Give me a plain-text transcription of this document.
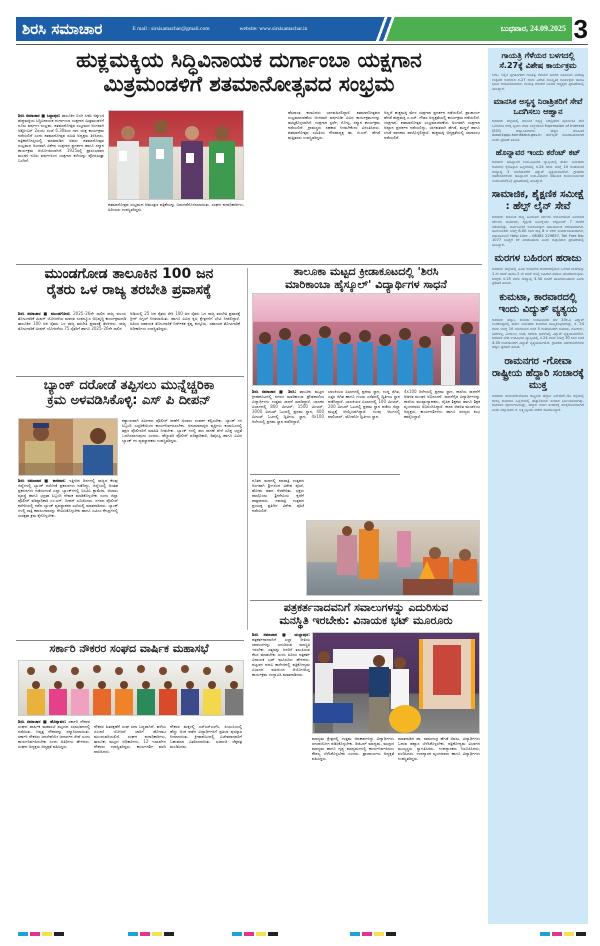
ಶಿರಸಿ ಸಮಾಚಾರ	E mail : sirsisamachar@gmail.com	website: www.sirsisamachar.in	ಬುಧವಾರ, 24.09.2025 3
ಹುಕ್ಲಮಕ್ಕಿಯ ಸಿದ್ಧಿವಿನಾಯಕ ದುರ್ಗಾಂಬಾ ಯಕ್ಷಗಾನ
ಮಿತ್ರಮಂಡಳಿಗೆ ಶತಮಾನೋತ್ಸವದ ಸಂಭ್ರಮ
ಶಿರಸಿ ಸಮಾಚಾರ ■ ಸಿದ್ದಾಪುರ: ತಾಲೂಕಿನ ಬಿಳಗಿ ಸೀಮೆ ಅಕ್ಕುಂಜಿ ಹುಕ್ಲಮಕ್ಕಿಯ ಸಿದ್ಧಿವಿನಾಯಕ ದುರ್ಗಾಂಬಾ ಯಕ್ಷಗಾನ ಮಿತ್ರಮಂಡಳಿಗೆ ನೂರು ವರ್ಷಗಳ ಸಂಭ್ರಮ. ಶತಮಾನೋತ್ಸವ ಸಂಭ್ರಮದ ಅಂಗವಾಗಿ ಅಕ್ಟೋಬರ್ 2ರಂದು ಸಂಜೆ 6.30ರಿಂದ ಗಾನ ಯಕ್ಷ ಕಾರ್ಯಕ್ರಮ ನಡೆಯಲಿದೆ ಎಂದು ಶತಮಾನೋತ್ಸವ ಸಮಿತಿ ಅಧ್ಯಕ್ಷರು ತಿಳಿಸಿದರು. ಪತ್ರಿಕಾಗೋಷ್ಠಿಯಲ್ಲಿ ಮಾತನಾಡಿದ ಅವರು ಶತಮಾನೋತ್ಸವ ಸಂಭ್ರಮದ ಅಂಗವಾಗಿ ವಿಶೇಷ ಯಕ್ಷಗಾನ ಪ್ರದರ್ಶನ ಹಾಗೂ ಸನ್ಮಾನ ಕಾರ್ಯಕ್ರಮ ಆಯೋಜಿಸಲಾಗಿದೆ. 1925ರಲ್ಲಿ ಪ್ರಾರಂಭವಾದ ಮಂಡಳಿ ನೂರು ವರ್ಷಗಳಿಂದ ಯಕ್ಷಗಾನ ಕಲೆಯನ್ನು ಪೋಷಿಸುತ್ತಾ ಬಂದಿದೆ.
ಶತಮಾನೋತ್ಸವ ಸಂಭ್ರಮದ ಆಮಂತ್ರಣ ಪತ್ರಿಕೆಯನ್ನು ಬಿಡುಗಡೆಗೊಳಿಸಲಾಯಿತು. ಸಂಘದ ಪದಾಧಿಕಾರಿಗಳು, ಹಿರಿಯರು ಉಪಸ್ಥಿತರಿದ್ದರು.
ಹೆಸರಾಂತ ಕಲಾವಿದರು ಭಾಗವಹಿಸಲಿದ್ದಾರೆ. ಶತಮಾನೋತ್ಸವದ ಸಂಭ್ರಮಾಚರಣೆಯ ಅಂಗವಾಗಿ ವರ್ಷವಿಡೀ ವಿವಿಧ ಕಾರ್ಯಕ್ರಮಗಳನ್ನು ಹಮ್ಮಿಕೊಳ್ಳಲಾಗಿದೆ. ಯಕ್ಷಗಾನ ಸ್ಪರ್ಧೆ, ಗೋಷ್ಠಿ, ಸನ್ಮಾನ ಕಾರ್ಯಕ್ರಮ ನಡೆಯಲಿದೆ. ಗ್ರಾಮಸ್ಥರು ಸಹಕಾರ ನೀಡಬೇಕೆಂದು ವಿನಂತಿಸಿದರು. ಶತಮಾನೋತ್ಸವ ಸಮಿತಿಯ ಗೌರವಾಧ್ಯಕ್ಷ ಡಾ. ಜಿ.ಎನ್. ಹೆಗಡೆ ಮತ್ತಿತರರು ಉಪಸ್ಥಿತರಿದ್ದರು.
ಅಲ್ಲದೆ ಹುಕ್ಲಮಕ್ಕಿ ಮೇಳ ಯಕ್ಷಗಾನ ಪ್ರದರ್ಶನ ನಡೆಯಲಿದೆ. ಪ್ರಾಚಾರ್ಯ ಹೆಗಡೆ ಹುಕ್ಲಮಕ್ಕಿ ಎ.ಎಸ್. ಗೌಡರ ಅಧ್ಯಕ್ಷತೆಯಲ್ಲಿ ಕಾರ್ಯಕ್ರಮ ನಡೆಯಲಿದೆ. ಯಕ್ಷಗಾನ: ಶತಮಾನೋತ್ಸವ ಸಂಭ್ರಮಾಚರಣೆಯ ಅಂಗವಾಗಿ ಯಕ್ಷಗಾನ ಆಖ್ಯಾನ ಪ್ರದರ್ಶನ ನಡೆಯಲಿದ್ದು, ಭಾಗವತರಾಗಿ ಹೆಗಡೆ, ಮದ್ದಳೆ ಹಾಗೂ ಚಂಡೆ ವಾದಕರು ಪಾಲ್ಗೊಳ್ಳಲಿದ್ದಾರೆ. ಹುಕ್ಲಮಕ್ಕಿ ಅಧ್ಯಕ್ಷತೆಯಲ್ಲಿ ಸಮಾರಂಭ ನಡೆಯಲಿದೆ.
ಮುಂಡಗೋಡ ತಾಲೂಕಿನ 100 ಜನ
ರೈತರು ಒಳ ರಾಜ್ಯ ತರಬೇತಿ ಪ್ರವಾಸಕ್ಕೆ
ಶಿರಸಿ ಸಮಾಚಾರ ■ ಮುಂಡಗೋಡ: 2025–26ನೇ ಸಾಲಿನ ರಾಜ್ಯ ವಲಯ ತೋಟಗಾರಿಕೆ ಮಿಷನ್ ಯೋಜನೆಯ ಮಾನವ ಸಂಪನ್ಮೂಲ ಅಭಿವೃದ್ಧಿ ಕಾರ್ಯಕ್ರಮದಡಿ ತಾಲೂಕಿನ 100 ಜನ ರೈತರು ಒಳ ರಾಜ್ಯ ತರಬೇತಿ ಪ್ರವಾಸಕ್ಕೆ ತೆರಳಿದರು. ರಾಜ್ಯ ತೋಟಗಾರಿಕೆ ಮಿಷನ್ ಯೋಜನೆಯ 75 ರೈತರಿಗೆ ಹಾಗೂ 2025–26ನೇ ಸಾಲಿನ
ಅಡಿಯಲ್ಲಿ 25 ಜನ ರೈತರು ಸೇರಿ 100 ಜನ ರೈತರು ಒಳ ರಾಜ್ಯ ತರಬೇತಿ ಪ್ರವಾಸಕ್ಕೆ ಗ್ರೀನ್ ಸಿಗ್ನಲ್ ನೀಡಲಾಯಿತು. ಹಾಗೂ ವಿವಿಧ ಕೃಷಿ ಕ್ಷೇತ್ರಗಳಿಗೆ ಭೇಟಿ ನೀಡಲಿದ್ದಾರೆ. ಹಿರಿಯ ಸಹಾಯಕ ತೋಟಗಾರಿಕೆ ನಿರ್ದೇಶಕ ಕೃಷ್ಣ ಕುಳ್ಳೂರು, ಸಹಾಯಕ ತೋಟಗಾರಿಕೆ ಅಧಿಕಾರಿಗಳು ಉಪಸ್ಥಿತರಿದ್ದರು.
ಬ್ಯಾಂಕ್ ದರೋಡೆ ತಪ್ಪಿಸಲು ಮುನ್ನೆಚ್ಚರಿಕಾ
ಕ್ರಮ ಅಳವಡಿಸಿಕೊಳ್ಳಿ: ಎಸ್ ಪಿ ದೀಪನ್
ಶಿರಸಿ ಸಮಾಚಾರ ■ ಕಾರವಾರ: ಇತ್ತೀಚಿನ ದಿನಗಳಲ್ಲಿ ರಾಜ್ಯದ ಕೆಲವು ಜಿಲ್ಲೆಗಳಲ್ಲಿ ಬ್ಯಾಂಕ್ ದರೋಡೆ ಪ್ರಕರಣಗಳು ನಡೆದಿದ್ದು, ಜಿಲ್ಲೆಯಲ್ಲಿ ಅಂತಹ ಪ್ರಕರಣಗಳು ನಡೆಯದಂತೆ ಎಲ್ಲಾ ಬ್ಯಾಂಕ್‌ಗಳಲ್ಲಿ ಸಿಸಿಟಿವಿ ಕ್ಯಾಮೆರಾ, ಅಲಾರಂ ವ್ಯವಸ್ಥೆ ಹಾಗೂ ಭದ್ರತಾ ಸಿಬ್ಬಂದಿ ನೇಮಕ ಮಾಡಿಕೊಳ್ಳಬೇಕು ಎಂದು ಜಿಲ್ಲಾ ಪೊಲೀಸ್ ವರಿಷ್ಠಾಧಿಕಾರಿ ಎಂ.ಎನ್. ದೀಪನ್ ಸೂಚಿಸಿದರು. ನಗರದ ಪೊಲೀಸ್ ಕಚೇರಿಯಲ್ಲಿ ನಡೆದ ಬ್ಯಾಂಕ್ ವ್ಯವಸ್ಥಾಪಕರ ಸಭೆಯಲ್ಲಿ ಮಾತನಾಡಿದರು. ಬ್ಯಾಂಕ್ ಗಳಲ್ಲಿ ರಾತ್ರಿ ಕಾವಲುಗಾರರನ್ನು ನೇಮಿಸಿಕೊಳ್ಳಬೇಕು ಹಾಗೂ ಎಟಿಎಂ ಕೇಂದ್ರಗಳಲ್ಲಿ ಸುರಕ್ಷತಾ ಕ್ರಮ ಕೈಗೊಳ್ಳಬೇಕು.
ಕಡ್ಡಾಯವಾಗಿ ಸಮೀಪದ ಪೊಲೀಸ್ ಠಾಣೆಗೆ ಅಲಾರಂ ಸಂಪರ್ಕ ಕಲ್ಪಿಸಬೇಕು. ಬ್ಯಾಂಕ್ ಗಳ ಸಿಬ್ಬಂದಿ ಎಚ್ಚರಿಕೆಯಿಂದ ಕಾರ್ಯನಿರ್ವಹಿಸಬೇಕು. ಅನುಮಾನಾಸ್ಪದ ವ್ಯಕ್ತಿಗಳು ಕಂಡುಬಂದಲ್ಲಿ ತಕ್ಷಣ ಪೊಲೀಸರಿಗೆ ಮಾಹಿತಿ ನೀಡಬೇಕು. ಬ್ಯಾಂಕ್ ಗಳಲ್ಲಿ ಹಣ ಸಾಗಣೆ ವೇಳೆ ಸೂಕ್ತ ಭದ್ರತೆ ಒದಗಿಸಲಾಗುವುದು ಎಂದರು. ಹೆಚ್ಚುವರಿ ಪೊಲೀಸ್ ವರಿಷ್ಠಾಧಿಕಾರಿ, ಡಿವೈಎಸ್ಪಿ ಹಾಗೂ ವಿವಿಧ ಬ್ಯಾಂಕ್ ಗಳ ವ್ಯವಸ್ಥಾಪಕರು ಉಪಸ್ಥಿತರಿದ್ದರು.
ತಾಲೂಕಾ ಮಟ್ಟದ ಕ್ರೀಡಾಕೂಟದಲ್ಲಿ 'ಶಿರಸಿ
ಮಾರಿಕಾಂಬಾ ಹೈಸ್ಕೂಲ್' ವಿದ್ಯಾರ್ಥಿಗಳ ಸಾಧನೆ
ಶಿರಸಿ ಸಮಾಚಾರ ■ ಶಿರಸಿ: ತಾಲೂಕು ಮಟ್ಟದ ಕ್ರೀಡಾಕೂಟದಲ್ಲಿ ನಗರದ ಮಾರಿಕಾಂಬಾ ಪ್ರೌಢಶಾಲೆಯ ವಿದ್ಯಾರ್ಥಿಗಳು ಉತ್ತಮ ಸಾಧನೆ ಮಾಡಿದ್ದಾರೆ. ಬಾಲಕರ ವಿಭಾಗದಲ್ಲಿ 800 ಮೀಟರ್, 1500 ಮೀಟರ್, 3000 ಮೀಟರ್ ಓಟದಲ್ಲಿ ಪ್ರಥಮ ಸ್ಥಾನ, 400 ಮೀಟರ್ ಓಟದಲ್ಲಿ ದ್ವಿತೀಯ ಸ್ಥಾನ, 4x100 ರಿಲೇಯಲ್ಲಿ ಪ್ರಥಮ ಸ್ಥಾನ ಪಡೆದಿದ್ದಾರೆ.
ಬಾಲಕಿಯರ ವಿಭಾಗದಲ್ಲಿ ಪ್ರಥಮ ಸ್ಥಾನ, ಉದ್ದ ಜಿಗಿತ, ಎತ್ತರ ಜಿಗಿತ ಹಾಗೂ ಗುಂಡು ಎಸೆತದಲ್ಲಿ ದ್ವಿತೀಯ ಸ್ಥಾನ ಪಡೆದಿದ್ದಾರೆ. ಬಾಲಕಿಯರ ವಿಭಾಗದಲ್ಲಿ 100 ಮೀಟರ್, 200 ಮೀಟರ್ ಓಟದಲ್ಲಿ ಪ್ರಥಮ ಸ್ಥಾನ ಪಡೆದು ಜಿಲ್ಲಾ ಮಟ್ಟಕ್ಕೆ ಆಯ್ಕೆಯಾಗಿದ್ದಾರೆ. ಗುಂಪು ಆಟಗಳಲ್ಲಿ ವಾಲಿಬಾಲ್, ಖೋಖೋ ದ್ವಿತೀಯ ಸ್ಥಾನ.
4x100 ರಿಲೇಯಲ್ಲಿ ಪ್ರಥಮ ಸ್ಥಾನ, ಶಾಲೆಯ ಸಾಧನೆಗೆ ಆಡಳಿತ ಮಂಡಳಿ ಅಭಿನಂದನೆ. ಸಾಧನೆಗೈದ ವಿದ್ಯಾರ್ಥಿಗಳನ್ನು ಶಾಲೆಯ ಮುಖ್ಯಾಧ್ಯಾಪಕರು, ದೈಹಿಕ ಶಿಕ್ಷಕರು ಹಾಗೂ ಶಿಕ್ಷಕ ವೃಂದದವರು ಅಭಿನಂದಿಸಿದ್ದಾರೆ. ಶಾಲಾ ಆಡಳಿತ ಮಂಡಳಿಯ ಅಧ್ಯಕ್ಷರು, ಕಾರ್ಯದರ್ಶಿಗಳು ಹಾಗೂ ಸದಸ್ಯರು ಶುಭ ಹಾರೈಸಿದ್ದಾರೆ.
ನೂತನ ಮಠದಲ್ಲಿ ನವರಾತ್ರಿ ಉತ್ಸವದ ಅಂಗವಾಗಿ ಶ್ರೀಗಳಿಂದ ವಿಶೇಷ ಪೂಜೆ, ಹೋಮ ಹವನ ನೆರವೇರಿತು. ಭಕ್ತರು ಪಾಲ್ಗೊಂಡು ಶ್ರೀದೇವಿಯ ಕೃಪೆಗೆ ಪಾತ್ರರಾದರು. ನವರಾತ್ರಿ ಉತ್ಸವದ ಪ್ರಯುಕ್ತ ಪ್ರತಿದಿನ ವಿಶೇಷ ಪೂಜೆ ನಡೆಯಲಿದೆ.
ಪತ್ರಕರ್ತನಾದವನಿಗೆ ಸವಾಲುಗಳನ್ನು ಎದುರಿಸುವ
ಮನಸ್ಥಿತಿ ಇರಬೇಕು: ವಿನಾಯಕ ಭಟ್ ಮೂರೂರು
ಶಿರಸಿ ಸಮಾಚಾರ ■ ಯಲ್ಲಾಪುರ: ಪತ್ರಕರ್ತನಾದವನಿಗೆ ಎಲ್ಲಾ ರೀತಿಯ ಸವಾಲುಗಳನ್ನು ಎದುರಿಸುವ ಮನಸ್ಥಿತಿ ಇರಬೇಕು. ಸತ್ಯವನ್ನು ಜನರಿಗೆ ತಲುಪಿಸುವ ಕೆಲಸ ಮಾಡಬೇಕು ಎಂದು ಹಿರಿಯ ಪತ್ರಕರ್ತ ವಿನಾಯಕ ಭಟ್ ಮೂರೂರು ಹೇಳಿದರು. ಪಟ್ಟಣದ ಪದವಿ ಕಾಲೇಜಿನಲ್ಲಿ ಪತ್ರಿಕೋದ್ಯಮ ವಿಭಾಗದ ವತಿಯಿಂದ ಆಯೋಜಿಸಿದ್ದ ಕಾರ್ಯಕ್ರಮ ಉದ್ಘಾಟಿಸಿ ಮಾತನಾಡಿದರು.
ಮಾಧ್ಯಮ ಕ್ಷೇತ್ರದಲ್ಲಿ ಉತ್ತಮ ಅವಕಾಶಗಳಿದ್ದು ವಿದ್ಯಾರ್ಥಿಗಳು ಸದುಪಯೋಗ ಪಡಿಸಿಕೊಳ್ಳಬೇಕು. ಡಿಜಿಟಲ್ ಮಾಧ್ಯಮ, ಮುದ್ರಣ ಮಾಧ್ಯಮ ಹಾಗೂ ದೃಶ್ಯ ಮಾಧ್ಯಮಗಳಲ್ಲಿ ಕಾರ್ಯನಿರ್ವಹಿಸಲು ಕೌಶಲ್ಯ ಬೆಳೆಸಿಕೊಳ್ಳಬೇಕು ಎಂದರು. ಪ್ರಾಚಾರ್ಯರು ಅಧ್ಯಕ್ಷತೆ ವಹಿಸಿದ್ದರು.
ಮಾತನಾಡಿದ ಡಾ. ರಾಮಚಂದ್ರ ಹೆಗಡೆ ಅವರು, ವಿದ್ಯಾರ್ಥಿಗಳು ಓದುವ ಹವ್ಯಾಸ ಬೆಳೆಸಿಕೊಳ್ಳಬೇಕು. ಪತ್ರಿಕೋದ್ಯಮ ವಿಭಾಗದ ಮುಖ್ಯಸ್ಥರು ಸ್ವಾಗತಿಸಿದರು. ಉಪನ್ಯಾಸಕರು ನಿರೂಪಿಸಿದರು, ವಂದಿಸಿದರು. ಉಪನ್ಯಾಸಕ ವೃಂದದವರು ಹಾಗೂ ವಿದ್ಯಾರ್ಥಿಗಳು ಉಪಸ್ಥಿತರಿದ್ದರು.
ಸರ್ಕಾರಿ ನೌಕರರ ಸಂಘದ ವಾರ್ಷಿಕ ಮಹಾಸಭೆ
ಶಿರಸಿ ಸಮಾಚಾರ ■ ಹೊನ್ನಾವರ: ಸರ್ಕಾರಿ ನೌಕರರ ಸಂಘದ ವಾರ್ಷಿಕ ಮಹಾಸಭೆ ಪಟ್ಟಣದ ಸಭಾಭವನದಲ್ಲಿ ನಡೆಯಿತು. ನಿವೃತ್ತ ನೌಕರರನ್ನು ಸನ್ಮಾನಿಸಲಾಯಿತು. ಸರ್ಕಾರಿ ನೌಕರರು ಜನಸೇವೆಯೇ ಜನಾರ್ದನ ಸೇವೆ ಎಂದು ಕಾರ್ಯನಿರ್ವಹಿಸಬೇಕು ಎಂದು ಅತಿಥಿಗಳು ಹೇಳಿದರು. ಸಂಘದ ಅಧ್ಯಕ್ಷರು ಅಧ್ಯಕ್ಷತೆ ವಹಿಸಿದ್ದರು.
ನೌಕರರ ಹಿತರಕ್ಷಣೆಗೆ ಸಂಘ ಸದಾ ಬದ್ಧವಾಗಿದೆ. ಹಳೆಯ ಪಿಂಚಣಿ ಯೋಜನೆ ಜಾರಿಗೆ ಹೋರಾಟ ಮುಂದುವರಿಯಲಿದೆ. ಸಂಘದ ಪದಾಧಿಕಾರಿಗಳು, ತಾಲೂಕು ಮಟ್ಟದ ಅಧಿಕಾರಿಗಳು, 12 ಇಲಾಖೆಗಳ ನೌಕರರು ಉಪಸ್ಥಿತರಿದ್ದರು. ಕಾರ್ಯದರ್ಶಿ ವರದಿ ವಾಚಿಸಿದರು.
ನೌಕರರ ಮಕ್ಕಳಲ್ಲಿ ಎಸ್‌ಎಸ್‌ಎಲ್‌ಸಿ, ಪಿಯುಸಿಯಲ್ಲಿ ಹೆಚ್ಚು ಅಂಕ ಪಡೆದ ವಿದ್ಯಾರ್ಥಿಗಳಿಗೆ ಪ್ರತಿಭಾ ಪುರಸ್ಕಾರ ನೀಡಲಾಯಿತು. ಕ್ರೀಡಾಕೂಟದಲ್ಲಿ ವಿಜೇತರಾದವರಿಗೆ ಬಹುಮಾನ ವಿತರಿಸಲಾಯಿತು. ಖಜಾಂಚಿ ಲೆಕ್ಕಪತ್ರ ಮಂಡಿಸಿದರು.
ಗಾಯತ್ರಿ ಗೆಳೆಯರ ಬಳಗದಲ್ಲಿ ಸೆ.27ಕ್ಕೆ ವಿಶೇಷ ಕಾರ್ಯಕ್ರಮ
ಶಿರಸಿ: ಇಲ್ಲಿನ ಪ್ರಗತಿನಗರದ ಗಾಯತ್ರಿ ಗೆಳೆಯರ ಬಳಗದ ವತಿಯಿಂದ ನವರಾತ್ರಿ ಉತ್ಸವದ ಅಂಗವಾಗಿ ಸೆ.27 ರಂದು ವಿಶೇಷ ಸಾಂಸ್ಕೃತಿಕ ಕಾರ್ಯಕ್ರಮ ಹಾಗೂ ಭಜನೆ ಆಯೋಜಿಸಲಾಗಿದೆ. ಗಾಯತ್ರಿ ಗೆಳೆಯರ ಬಳಗದ ಅಧ್ಯಕ್ಷರು ಪ್ರಕಟಣೆಯಲ್ಲಿ ತಿಳಿಸಿದ್ದಾರೆ.
ಮಾನಸಿಕ ಅಸ್ವಸ್ಥ ನಿರಾಶ್ರಿತರಿಗೆ ಸೇವೆ ಒದಗಿಸಲು ಆಹ್ವಾನ
ಕಾರವಾರ: ಜಿಲ್ಲೆಯಲ್ಲಿ ಮಾನಸಿಕ ಅಸ್ವಸ್ಥ ನಿರಾಶ್ರಿತರಿಗೆ ಪುನರ್ವಸತಿ ಸೇವೆ ಒದಗಿಸಲು ಆಸಕ್ತ ಸ್ವಯಂ ಸೇವಾ ಸಂಸ್ಥೆಗಳಿಂದ Expression of Interest (EOI) ಆಹ್ವಾನಿಸಲಾಗಿದೆ. ಹೆಚ್ಚಿನ ಮಾಹಿತಿಗೆ www.kppp.karnataka.gov.in ವೆಬ್‌ಸೈಟ್ ನೋಡಬಹುದಾಗಿದೆ ಎಂದು ಪ್ರಕಟಣೆ ತಿಳಿಸಿದೆ.
ಹೊನ್ನಾವರ ಇಂದು ಕರೆಂಟ್ ಕಟ್
ಕಾರವಾರ: ಹೊನ್ನಾವರ ಉಪ-ವಿಭಾಗದ ವ್ಯಾಪ್ತಿಯಲ್ಲಿ ತುರ್ತು ನಿರ್ವಹಣಾ ಕಾಮಗಾರಿ ಕೈಗೊಳ್ಳುವ ಹಿನ್ನೆಲೆಯಲ್ಲಿ ಸೆ.24 ರಂದು ಬೆಳಿಗ್ಗೆ 10 ಗಂಟೆಯಿಂದ ಮಧ್ಯಾಹ್ನ 3 ಗಂಟೆಯವರೆಗೆ ವಿದ್ಯುತ್ ವ್ಯತ್ಯಯವಾಗಲಿದೆ. ಗ್ರಾಹಕರು ಸಹಕರಿಸಬೇಕೆಂದು ಹೊನ್ನಾವರ ಉಪ-ವಿಭಾಗದ ಸಹಾಯಕ ಕಾರ್ಯನಿರ್ವಾಹಕ ಇಂಜಿನಿಯರ್(ವಿ) ಪ್ರಕಟಣೆಯಲ್ಲಿ ತಿಳಿಸಿದ್ದಾರೆ.
ಸಾಮಾಜಿಕ, ಶೈಕ್ಷಣಿಕ ಸಮೀಕ್ಷೆ : ಹೆಲ್ಪ್ ಲೈನ್ ಸೇವೆ
ಕಾರವಾರ: ಕರ್ನಾಟಕ ರಾಜ್ಯ ಹಿಂದುಳಿದ ವರ್ಗಗಳ ಆಯೋಗದಿಂದ ಹಿಂದುಳಿದ ವರ್ಗಗಳ ಸಾಮಾಜಿಕ, ಶೈಕ್ಷಣಿಕ ಸಮೀಕ್ಷೆಯು ಅಕ್ಟೋಬರ್ 7 ರವರೆಗೆ ನಡೆಯಲಿದ್ದು, ಸಾರ್ವಜನಿಕರ ಅನುಕೂಲಕ್ಕಾಗಿ ಸಹಾಯವಾಣಿ ಆರಂಭಿಸಲಾಗಿದೆ. ಸಾರ್ವಜನಿಕರು ಬೆಳಿಗ್ಗೆ 8.00 ರಿಂದ ರಾತ್ರಿ 8 ರ ವರೆಗೆ ಸಂಪರ್ಕಿಸಬಹುದಾಗಿದೆ, ಸಹಾಯವಾಣಿ/ Help Line – 08382 229857, Toll Free No: 1077 ಸಂಖ್ಯೆಗೆ ಕರೆ ಮಾಡಬಹುದು ಎಂದು ಜಿಲ್ಲಾಧಿಕಾರಿ ಪ್ರಕಟಣೆಯಲ್ಲಿ ತಿಳಿಸಿದ್ದಾರೆ.
ಮರಗಳ ಬಹಿರಂಗ ಹರಾಜು
ಕಾರವಾರ: ಜಿಲ್ಲೆಯಲ್ಲಿ ವಿವಿಧ ಇಲಾಖೆಗಳ ಆವರಣದಲ್ಲಿರುವ ಒಣಗಿದ ಮರಗಳನ್ನು 1 ನೇ ಲಾಟ್ ಹಾಗೂ 2 ನೇ ಲಾಟ್ ಗಳಲ್ಲಿ ಬಹಿರಂಗ ಹರಾಜು ಮಾಡಲಾಗುವುದು. ಆಸಕ್ತರು ಸೆ.25 ರಂದು ಮಧ್ಯಾಹ್ನ 3.30 ಗಂಟೆಗೆ ಹಾಜರಾಗಬಹುದು ಎಂದು ಪ್ರಕಟಣೆ ತಿಳಿಸಿದೆ.
ಕುಮಟಾ, ಕಾರವಾರದಲ್ಲಿ ಇಂದು ವಿದ್ಯುತ್ ವ್ಯತ್ಯಯ
ಕಾರವಾರ: ಹೆಸ್ಕಾಂ, ಕುಮಟಾ ಉಪವಿಭಾಗದ ಹಳೆ 33ಕೆ.ವಿ ವಿದ್ಯುತ್ ಉಪಕೇಂದ್ರದಲ್ಲಿ ತುರ್ತು ನಿರ್ವಹಣಾ ಕಾಮಗಾರಿ ಹಮ್ಮಿಕೊಳ್ಳಲಾಗಿದ್ದು, ಸೆ. 24 ರಂದು ಬೆಳಿಗ್ಗೆ 10 ಗಂಟೆಯಿಂದ ಸಂಜೆ 5 ಗಂಟೆಯವರೆಗೆ ಕುಮಟಾ, ಗೋಕರ್ಣ, ಹಿರೇಗುತ್ತಿ, ಮಿರ್ಜಾನ, ಬಾಡ, ಕತಗಾಲ ಭಾಗಗಳಲ್ಲಿ ವಿದ್ಯುತ್ ವ್ಯತ್ಯಯವಾಗಲಿದೆ. ಕಾರವಾರ ನಗರ ಉಪವಿಭಾಗ ವ್ಯಾಪ್ತಿಯಲ್ಲಿ ಸೆ.24 ರಂದು ಬೆಳಿಗ್ಗೆ 10 ರಿಂದ ಸಂಜೆ 4.30 ಗಂಟೆಯವರೆಗೆ ವಿದ್ಯುತ್ ವ್ಯತ್ಯಯವಾಗಲಿದೆ. ಗ್ರಾಹಕರು ಸಹಕರಿಸಬೇಕೆಂದು ಹೆಸ್ಕಾಂ ಪ್ರಕಟಣೆ ತಿಳಿಸಿದೆ.
ರಾಮನಗರ -ಗೋವಾ ರಾಷ್ಟ್ರೀಯ ಹೆದ್ದಾರಿ ಸಂಚಾರಕ್ಕೆ ಮುಕ್ತ
ಕಾರವಾರ: ರಾಮನಗರ-ಗೋವಾ ರಾಷ್ಟ್ರೀಯ ಹೆದ್ದಾರಿ ಎನ್‌ಹೆಚ್–4ಎ ರಸ್ತೆಯಲ್ಲಿ ದುರಸ್ತಿ ಕಾಮಗಾರಿ ಹಿನ್ನೆಲೆಯಲ್ಲಿ ತಾತ್ಕಾಲಿಕವಾಗಿ ಸಂಚಾರ ನಿರ್ಬಂಧಿಸಲಾಗಿತ್ತು. ಕಾಮಗಾರಿ ಪೂರ್ಣಗೊಂಡಿದ್ದು, ಹೆದ್ದಾರಿ ಇದೀಗ ಸಂಚಾರಕ್ಕೆ ಮುಕ್ತಗೊಳಿಸಲಾಗಿದೆ ಎಂದು ಜಿಲ್ಲಾಧಿಕಾರಿ ಕೆ. ಲಕ್ಷ್ಮೀಪ್ರಿಯಾ ಆದೇಶ ಹೊರಡಿಸಿದ್ದಾರೆ.
